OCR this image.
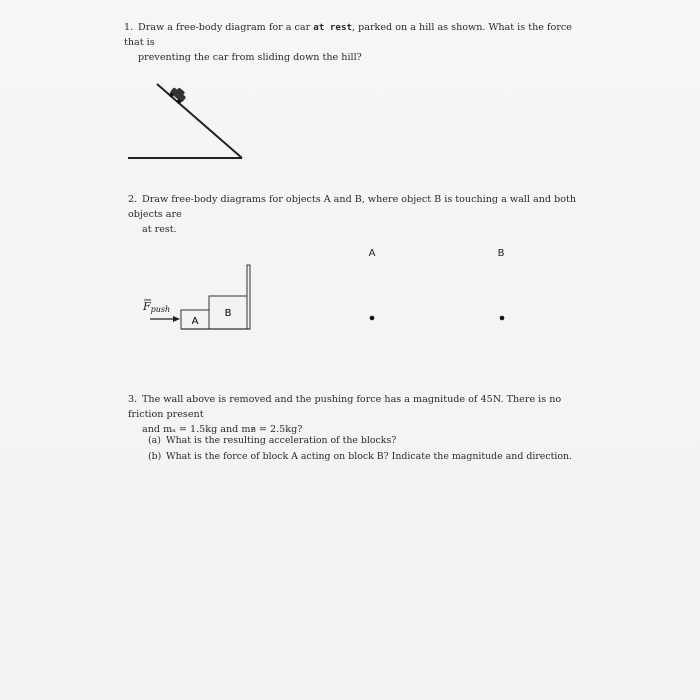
1. Draw a free-body diagram for a car at rest, parked on a hill as shown. What is the force that is
preventing the car from sliding down the hill?
2. Draw free-body diagrams for objects A and B, where object B is touching a wall and both objects are
at rest.
3. The wall above is removed and the pushing force has a magnitude of 45N. There is no friction present
and mₐ = 1.5kg and mʙ = 2.5kg?
(a) What is the resulting acceleration of the blocks?
(b) What is the force of block A acting on block B? Indicate the magnitude and direction.
A
B
Fpush
A	B
